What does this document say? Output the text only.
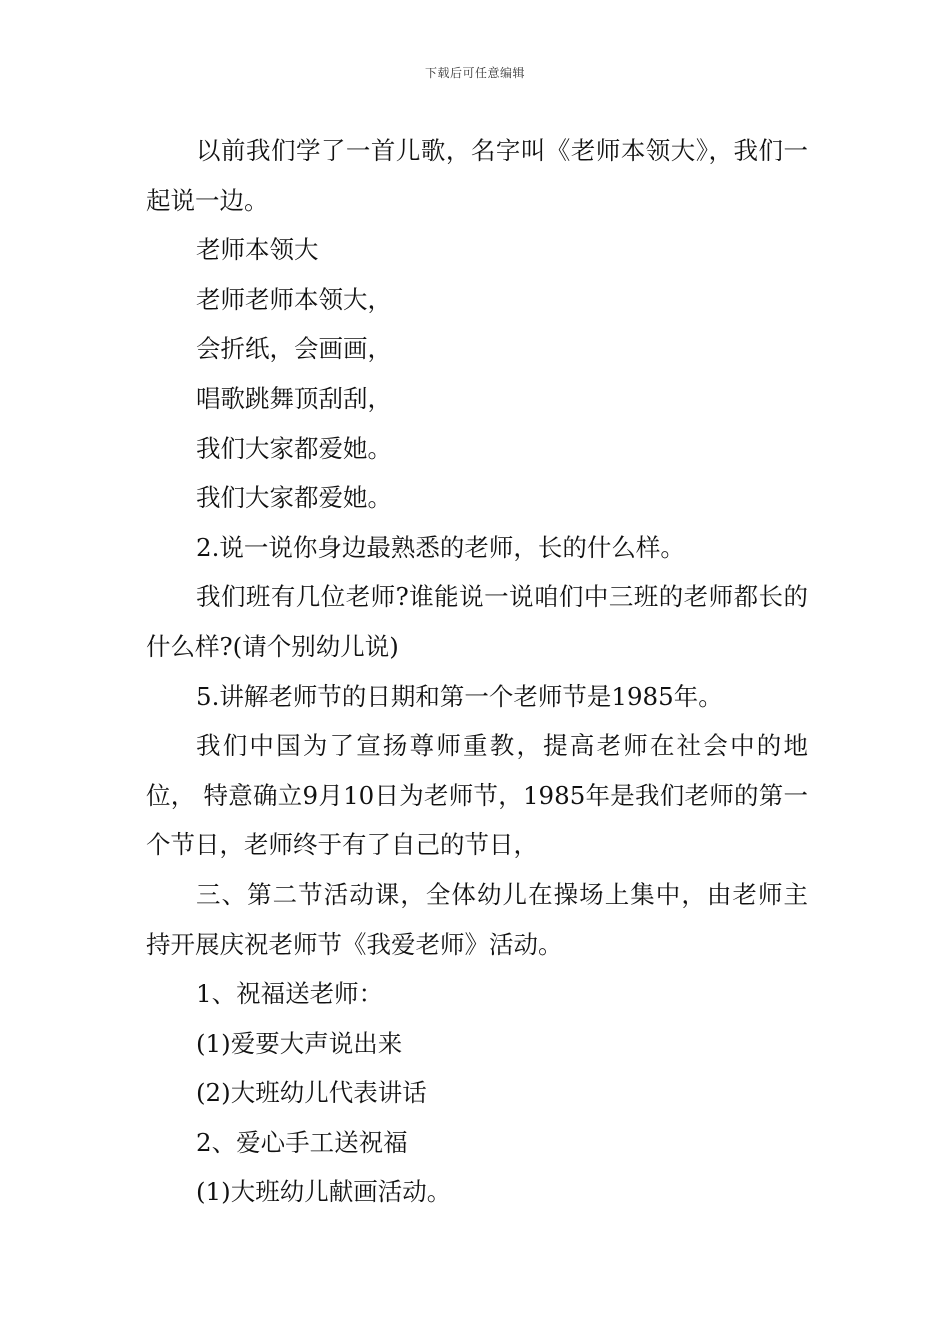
下载后可任意编辑

以前我们学了一首儿歌，名字叫《老师本领大》，我们一起说一边。

老师本领大

老师老师本领大，

会折纸，会画画，

唱歌跳舞顶刮刮，

我们大家都爱她。

我们大家都爱她。

2.说一说你身边最熟悉的老师，长的什么样。

我们班有几位老师?谁能说一说咱们中三班的老师都长的什么样?(请个别幼儿说)

5.讲解老师节的日期和第一个老师节是1985年。

我们中国为了宣扬尊师重教，提高老师在社会中的地位， 特意确立9月10日为老师节，1985年是我们老师的第一个节日，老师终于有了自己的节日，

三、第二节活动课，全体幼儿在操场上集中，由老师主持开展庆祝老师节《我爱老师》活动。

1、祝福送老师：

(1)爱要大声说出来

(2)大班幼儿代表讲话

2、爱心手工送祝福

(1)大班幼儿献画活动。
